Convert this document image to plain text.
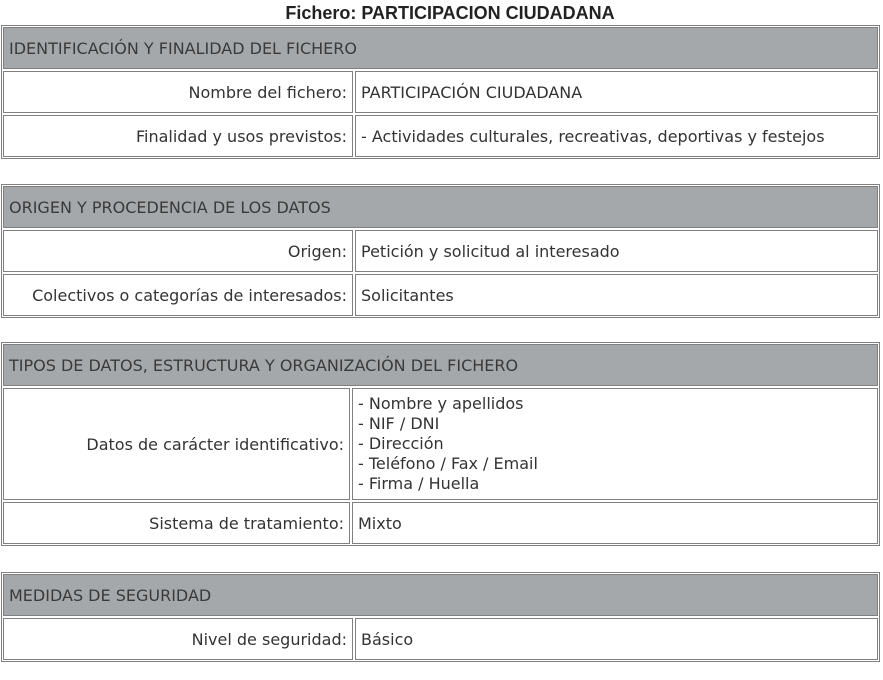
Fichero: PARTICIPACION CIUDADANA
IDENTIFICACIÓN Y FINALIDAD DEL FICHERO
Nombre del fichero: PARTICIPACIÓN CIUDADANA
Finalidad y usos previstos: - Actividades culturales, recreativas, deportivas y festejos
ORIGEN Y PROCEDENCIA DE LOS DATOS
Origen: Petición y solicitud al interesado
Colectivos o categorías de interesados: Solicitantes
TIPOS DE DATOS, ESTRUCTURA Y ORGANIZACIÓN DEL FICHERO
Datos de carácter identificativo:
- Nombre y apellidos
- NIF / DNI
- Dirección
- Teléfono / Fax / Email
- Firma / Huella
Sistema de tratamiento: Mixto
MEDIDAS DE SEGURIDAD
Nivel de seguridad: Básico
